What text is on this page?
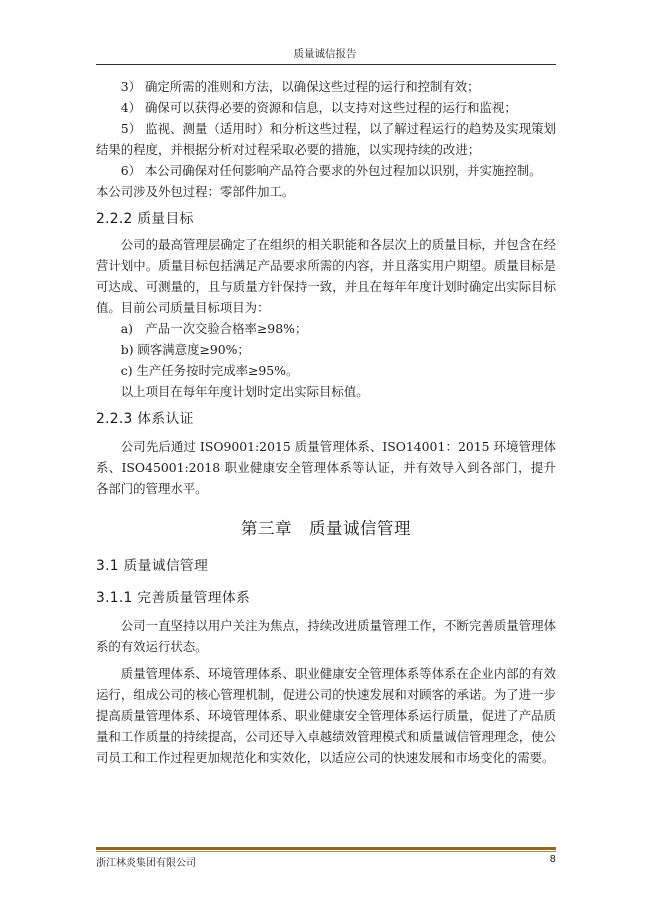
质量诚信报告

3） 确定所需的准则和方法，以确保这些过程的运行和控制有效；

4） 确保可以获得必要的资源和信息，以支持对这些过程的运行和监视；

5） 监视、测量（适用时）和分析这些过程，以了解过程运行的趋势及实现策划结果的程度，并根据分析对过程采取必要的措施，以实现持续的改进；

6） 本公司确保对任何影响产品符合要求的外包过程加以识别，并实施控制。

本公司涉及外包过程：零部件加工。

2.2.2 质量目标

公司的最高管理层确定了在组织的相关职能和各层次上的质量目标，并包含在经营计划中。质量目标包括满足产品要求所需的内容，并且落实用户期望。质量目标是可达成、可测量的，且与质量方针保持一致，并且在每年年度计划时确定出实际目标值。目前公司质量目标项目为：

a)　产品一次交验合格率≥98%；

b) 顾客满意度≥90%；

c) 生产任务按时完成率≥95%。

以上项目在每年年度计划时定出实际目标值。

2.2.3 体系认证

公司先后通过 ISO9001:2015 质量管理体系、ISO14001：2015 环境管理体系、ISO45001:2018 职业健康安全管理体系等认证，并有效导入到各部门，提升各部门的管理水平。

第三章　质量诚信管理

3.1 质量诚信管理

3.1.1 完善质量管理体系

公司一直坚持以用户关注为焦点，持续改进质量管理工作，不断完善质量管理体系的有效运行状态。

质量管理体系、环境管理体系、职业健康安全管理体系等体系在企业内部的有效运行，组成公司的核心管理机制，促进公司的快速发展和对顾客的承诺。为了进一步提高质量管理体系、环境管理体系、职业健康安全管理体系运行质量，促进了产品质量和工作质量的持续提高，公司还导入卓越绩效管理模式和质量诚信管理理念，使公司员工和工作过程更加规范化和实效化，以适应公司的快速发展和市场变化的需要。

浙江林炎集团有限公司	8
